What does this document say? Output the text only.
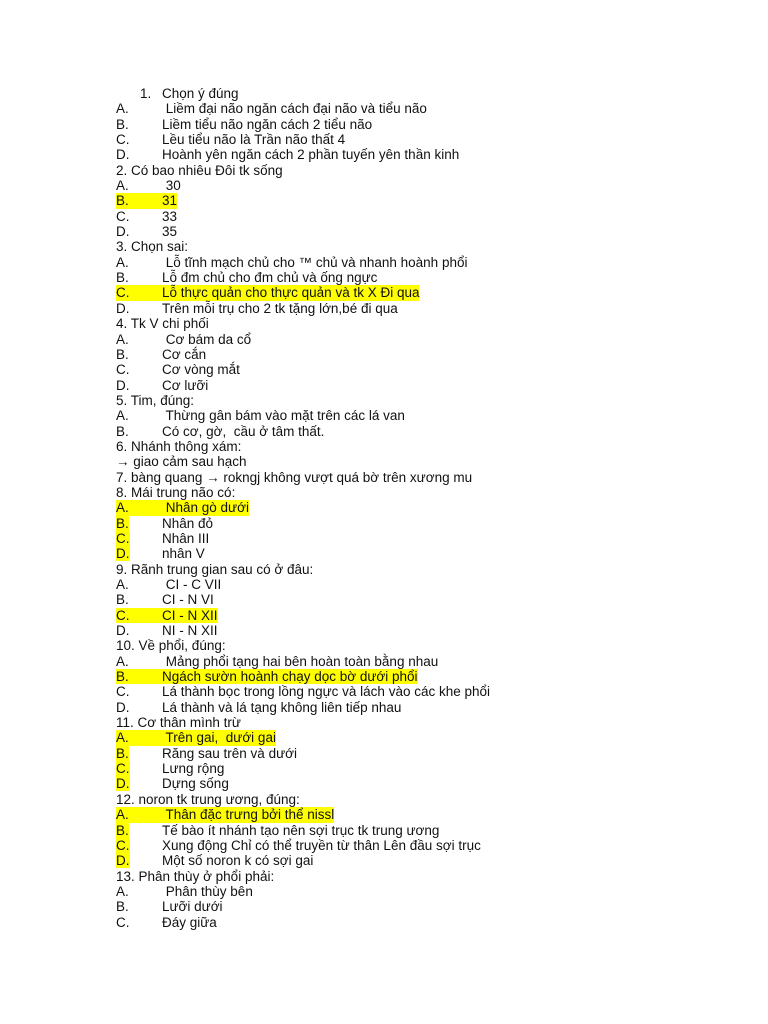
1. Chọn ý đúng
A. Liềm đại não ngăn cách đại não và tiểu não
B. Liềm tiểu não ngăn cách 2 tiểu não
C. Lều tiểu não là Trần não thất 4
D. Hoành yên ngăn cách 2 phần tuyến yên thần kinh
2. Có bao nhiêu Đôi tk sống
A. 30
B. 31
C. 33
D. 35
3. Chọn sai:
A. Lỗ tĩnh mạch chủ cho ™ chủ và nhanh hoành phổi
B. Lỗ đm chủ cho đm chủ và ống ngực
C. Lỗ thực quản cho thực quản và tk X Đi qua
D. Trên mỗi trụ cho 2 tk tặng lớn,bé đi qua
4. Tk V chi phối
A. Cơ bám da cổ
B. Cơ cắn
C. Cơ vòng mắt
D. Cơ lưỡi
5. Tim, đúng:
A. Thừng gân bám vào mặt trên các lá van
B. Có cơ, gờ,  cầu ở tâm thất.
6. Nhánh thông xám:
→ giao cảm sau hạch
7. bàng quang → rokngj không vượt quá bờ trên xương mu
8. Mái trung não có:
A. Nhân gò dưới
B. Nhân đỏ
C. Nhân III
D. nhân V
9. Rãnh trung gian sau có ở đâu:
A. CI - C VII
B. CI - N VI
C. CI - N XII
D. NI - N XII
10. Về phổi, đúng:
A. Mảng phổi tạng hai bên hoàn toàn bằng nhau
B. Ngách sườn hoành chạy dọc bờ dưới phổi
C. Lá thành bọc trong lồng ngực và lách vào các khe phổi
D. Lá thành và lá tạng không liên tiếp nhau
11. Cơ thân mình trừ
A. Trên gai,  dưới gai
B. Răng sau trên và dưới
C. Lưng rộng
D. Dựng sống
12. noron tk trung ương, đúng:
A. Thân đặc trưng bởi thể nissl
B. Tế bào ít nhánh tạo nên sợi trục tk trung ương
C. Xung động Chỉ có thể truyền từ thân Lên đầu sợi trục
D. Một số noron k có sợi gai
13. Phân thùy ở phổi phải:
A. Phân thùy bên
B. Lưỡi dưới
C. Đáy giữa
